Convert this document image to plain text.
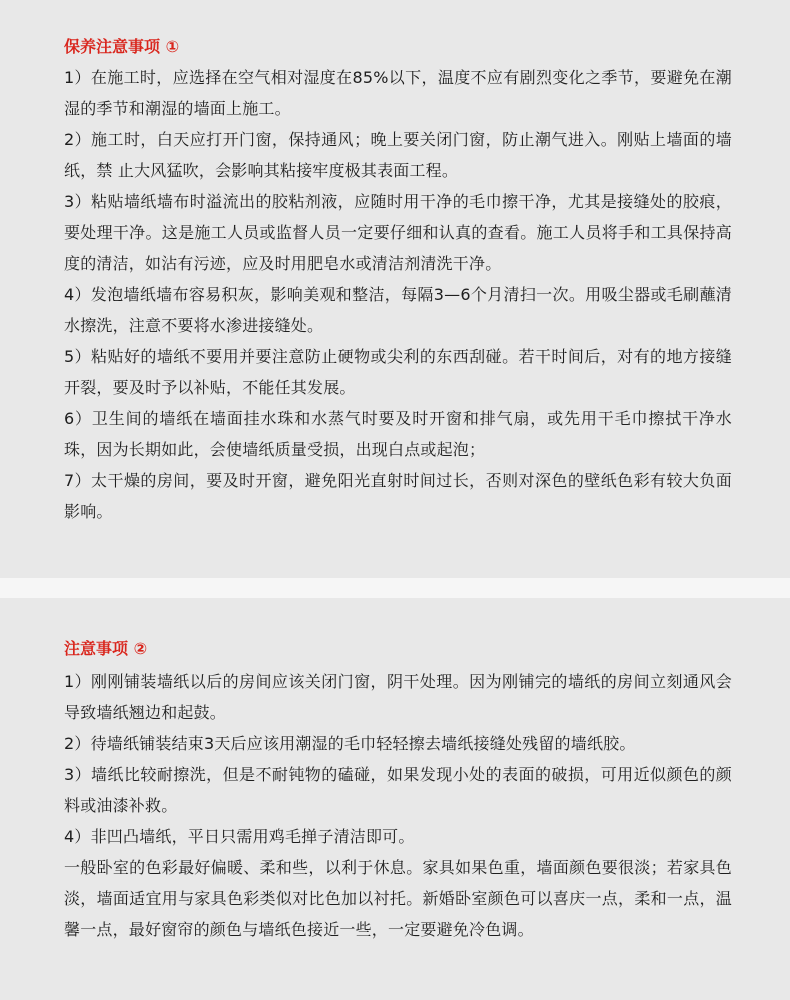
保养注意事项 ①
1）在施工时，应选择在空气相对湿度在85%以下，温度不应有剧烈变化之季节，要避免在潮湿的季节和潮湿的墙面上施工。
2）施工时，白天应打开门窗，保持通风；晚上要关闭门窗，防止潮气进入。刚贴上墙面的墙纸，禁 止大风猛吹，会影响其粘接牢度极其表面工程。
3）粘贴墙纸墙布时溢流出的胶粘剂液，应随时用干净的毛巾擦干净，尤其是接缝处的胶痕，要处理干净。这是施工人员或监督人员一定要仔细和认真的查看。施工人员将手和工具保持高度的清洁，如沾有污迹，应及时用肥皂水或清洁剂清洗干净。
4）发泡墙纸墙布容易积灰，影响美观和整洁，每隔3—6个月清扫一次。用吸尘器或毛刷蘸清水擦洗，注意不要将水渗进接缝处。
5）粘贴好的墙纸不要用并要注意防止硬物或尖利的东西刮碰。若干时间后，对有的地方接缝开裂，要及时予以补贴，不能任其发展。
6）卫生间的墙纸在墙面挂水珠和水蒸气时要及时开窗和排气扇，或先用干毛巾擦拭干净水珠，因为长期如此，会使墙纸质量受损，出现白点或起泡；
7）太干燥的房间，要及时开窗，避免阳光直射时间过长，否则对深色的壁纸色彩有较大负面影响。
注意事项 ②
1）刚刚铺装墙纸以后的房间应该关闭门窗，阴干处理。因为刚铺完的墙纸的房间立刻通风会导致墙纸翘边和起鼓。
2）待墙纸铺装结束3天后应该用潮湿的毛巾轻轻擦去墙纸接缝处残留的墙纸胶。
3）墙纸比较耐擦洗，但是不耐钝物的磕碰，如果发现小处的表面的破损，可用近似颜色的颜料或油漆补救。
4）非凹凸墙纸，平日只需用鸡毛掸子清洁即可。
一般卧室的色彩最好偏暖、柔和些，以利于休息。家具如果色重，墙面颜色要很淡；若家具色淡，墙面适宜用与家具色彩类似对比色加以衬托。新婚卧室颜色可以喜庆一点，柔和一点，温馨一点，最好窗帘的颜色与墙纸色接近一些，一定要避免冷色调。
